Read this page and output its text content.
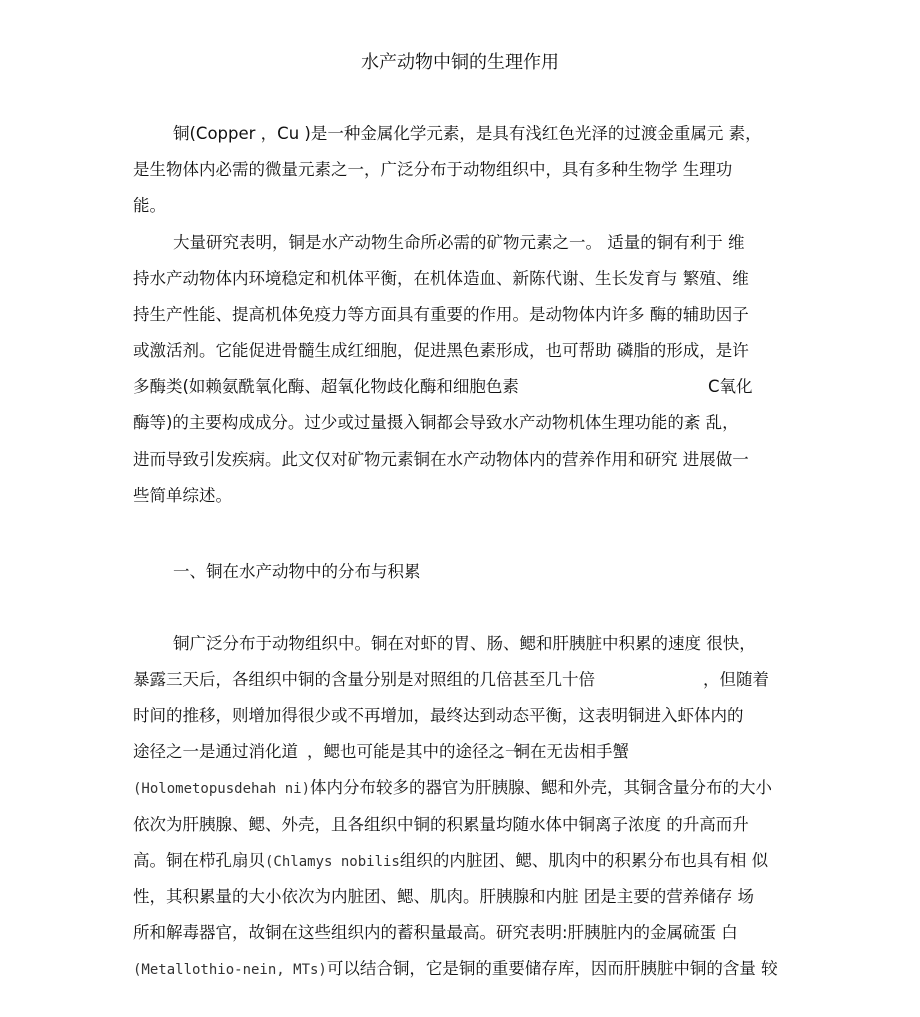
水产动物中铜的生理作用
铜(Copper ，Cu )是一种金属化学元素，是具有浅红色光泽的过渡金重属元 素，
是生物体内必需的微量元素之一，广泛分布于动物组织中，具有多种生物学 生理功
能。
大量研究表明，铜是水产动物生命所必需的矿物元素之一。 适量的铜有利于 维
持水产动物体内环境稳定和机体平衡，在机体造血、新陈代谢、生长发育与 繁殖、维
持生产性能、提高机体免疫力等方面具有重要的作用。是动物体内许多 酶的辅助因子
或激活剂。它能促进骨髓生成红细胞，促进黑色素形成，也可帮助 磷脂的形成，是许
多酶类(如赖氨酰氧化酶、超氧化物歧化酶和细胞色素	C氧化
酶等)的主要构成成分。过少或过量摄入铜都会导致水产动物机体生理功能的紊 乱，
进而导致引发疾病。此文仅对矿物元素铜在水产动物体内的营养作用和研究 进展做一
些简单综述。
一、铜在水产动物中的分布与积累
铜广泛分布于动物组织中。铜在对虾的胃、肠、鳃和肝胰脏中积累的速度 很快，
暴露三天后，各组织中铜的含量分别是对照组的几倍甚至几十倍	，但随着
时间的推移，则增加得很少或不再增加，最终达到动态平衡，这表明铜进入虾体内的
途径之一是通过消化道 ，鳃也可能是其中的途径之一
。铜在无齿相手蟹
(Holometopusdehah ni)体内分布较多的器官为肝胰腺、鳃和外壳，其铜含量分布的大小
依次为肝胰腺、鳃、外壳，且各组织中铜的积累量均随水体中铜离子浓度 的升高而升
高。铜在栉孔扇贝(Chlamys nobilis组织的内脏团、鳃、肌肉中的积累分布也具有相 似
性，其积累量的大小依次为内脏团、鳃、肌肉。肝胰腺和内脏 团是主要的营养储存 场
所和解毒器官，故铜在这些组织内的蓄积量最高。研究表明:肝胰脏内的金属硫蛋 白
(Metallothio-nein, MTs)可以结合铜，它是铜的重要储存库，因而肝胰脏中铜的含量 较
